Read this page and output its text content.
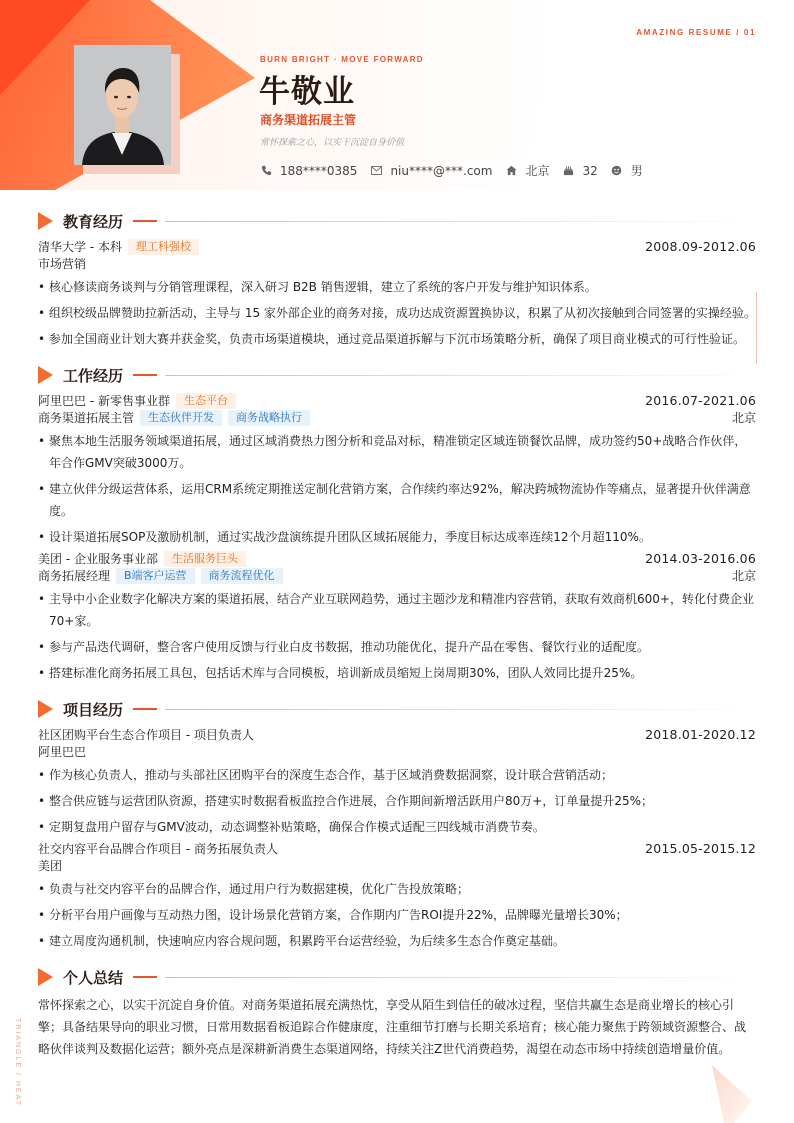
AMAZING RESUME / 01
BURN BRIGHT · MOVE FORWARD
牛敬业
商务渠道拓展主管
常怀探索之心，以实干沉淀自身价值
188****0385	niu****@***.com	北京	32	男
教育经历
清华大学 - 本科	理工科强校	2008.09-2012.06
市场营销
• 核心修读商务谈判与分销管理课程，深入研习 B2B 销售逻辑，建立了系统的客户开发与维护知识体系。
• 组织校级品牌赞助拉新活动，主导与 15 家外部企业的商务对接，成功达成资源置换协议，积累了从初次接触到合同签署的实操经验。
• 参加全国商业计划大赛并获金奖，负责市场渠道模块，通过竞品渠道拆解与下沉市场策略分析，确保了项目商业模式的可行性验证。
工作经历
阿里巴巴 - 新零售事业群	生态平台	2016.07-2021.06
商务渠道拓展主管	生态伙伴开发	商务战略执行	北京
• 聚焦本地生活服务领域渠道拓展，通过区域消费热力图分析和竞品对标，精准锁定区域连锁餐饮品牌，成功签约50+战略合作伙伴，年合作GMV突破3000万。
• 建立伙伴分级运营体系，运用CRM系统定期推送定制化营销方案，合作续约率达92%，解决跨城物流协作等痛点，显著提升伙伴满意度。
• 设计渠道拓展SOP及激励机制，通过实战沙盘演练提升团队区域拓展能力，季度目标达成率连续12个月超110%。
美团 - 企业服务事业部	生活服务巨头	2014.03-2016.06
商务拓展经理	B端客户运营	商务流程优化	北京
• 主导中小企业数字化解决方案的渠道拓展，结合产业互联网趋势，通过主题沙龙和精准内容营销，获取有效商机600+，转化付费企业70+家。
• 参与产品迭代调研，整合客户使用反馈与行业白皮书数据，推动功能优化，提升产品在零售、餐饮行业的适配度。
• 搭建标准化商务拓展工具包，包括话术库与合同模板，培训新成员缩短上岗周期30%，团队人效同比提升25%。
项目经历
社区团购平台生态合作项目 - 项目负责人	2018.01-2020.12
阿里巴巴
• 作为核心负责人，推动与头部社区团购平台的深度生态合作，基于区域消费数据洞察，设计联合营销活动；
• 整合供应链与运营团队资源，搭建实时数据看板监控合作进展，合作期间新增活跃用户80万+，订单量提升25%；
• 定期复盘用户留存与GMV波动，动态调整补贴策略，确保合作模式适配三四线城市消费节奏。
社交内容平台品牌合作项目 - 商务拓展负责人	2015.05-2015.12
美团
• 负责与社交内容平台的品牌合作，通过用户行为数据建模，优化广告投放策略；
• 分析平台用户画像与互动热力图，设计场景化营销方案，合作期内广告ROI提升22%，品牌曝光量增长30%；
• 建立周度沟通机制，快速响应内容合规问题，积累跨平台运营经验，为后续多生态合作奠定基础。
个人总结
常怀探索之心，以实干沉淀自身价值。对商务渠道拓展充满热忱，享受从陌生到信任的破冰过程，坚信共赢生态是商业增长的核心引擎；具备结果导向的职业习惯，日常用数据看板追踪合作健康度，注重细节打磨与长期关系培育；核心能力聚焦于跨领域资源整合、战略伙伴谈判及数据化运营；额外亮点是深耕新消费生态渠道网络，持续关注Z世代消费趋势，渴望在动态市场中持续创造增量价值。
TRIANGLE / HEAT
